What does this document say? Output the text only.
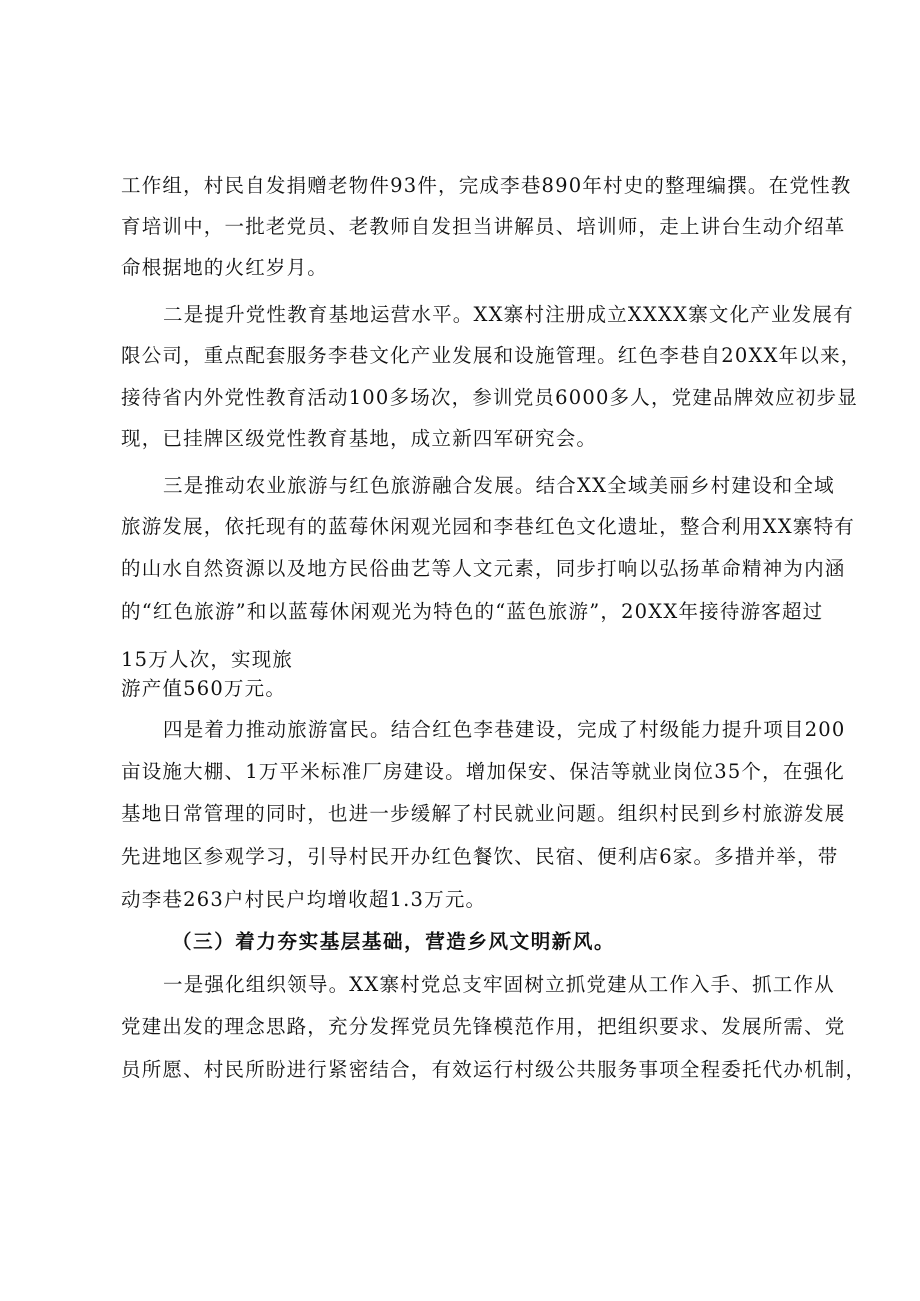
工作组，村民自发捐赠老物件93件，完成李巷890年村史的整理编撰。在党性教
育培训中，一批老党员、老教师自发担当讲解员、培训师，走上讲台生动介绍革
命根据地的火红岁月。
二是提升党性教育基地运营水平。XX寨村注册成立XXXX寨文化产业发展有
限公司，重点配套服务李巷文化产业发展和设施管理。红色李巷自20XX年以来，
接待省内外党性教育活动100多场次，参训党员6000多人，党建品牌效应初步显
现，已挂牌区级党性教育基地，成立新四军研究会。
三是推动农业旅游与红色旅游融合发展。结合XX全域美丽乡村建设和全域
旅游发展，依托现有的蓝莓休闲观光园和李巷红色文化遗址，整合利用XX寨特有
的山水自然资源以及地方民俗曲艺等人文元素，同步打响以弘扬革命精神为内涵
的“红色旅游”和以蓝莓休闲观光为特色的“蓝色旅游”，20XX年接待游客超过
15万人次，实现旅
游产值560万元。
四是着力推动旅游富民。结合红色李巷建设，完成了村级能力提升项目200
亩设施大棚、1万平米标准厂房建设。增加保安、保洁等就业岗位35个，在强化
基地日常管理的同时，也进一步缓解了村民就业问题。组织村民到乡村旅游发展
先进地区参观学习，引导村民开办红色餐饮、民宿、便利店6家。多措并举，带
动李巷263户村民户均增收超1.3万元。
（三）着力夯实基层基础，营造乡风文明新风。
一是强化组织领导。XX寨村党总支牢固树立抓党建从工作入手、抓工作从
党建出发的理念思路，充分发挥党员先锋模范作用，把组织要求、发展所需、党
员所愿、村民所盼进行紧密结合，有效运行村级公共服务事项全程委托代办机制，
